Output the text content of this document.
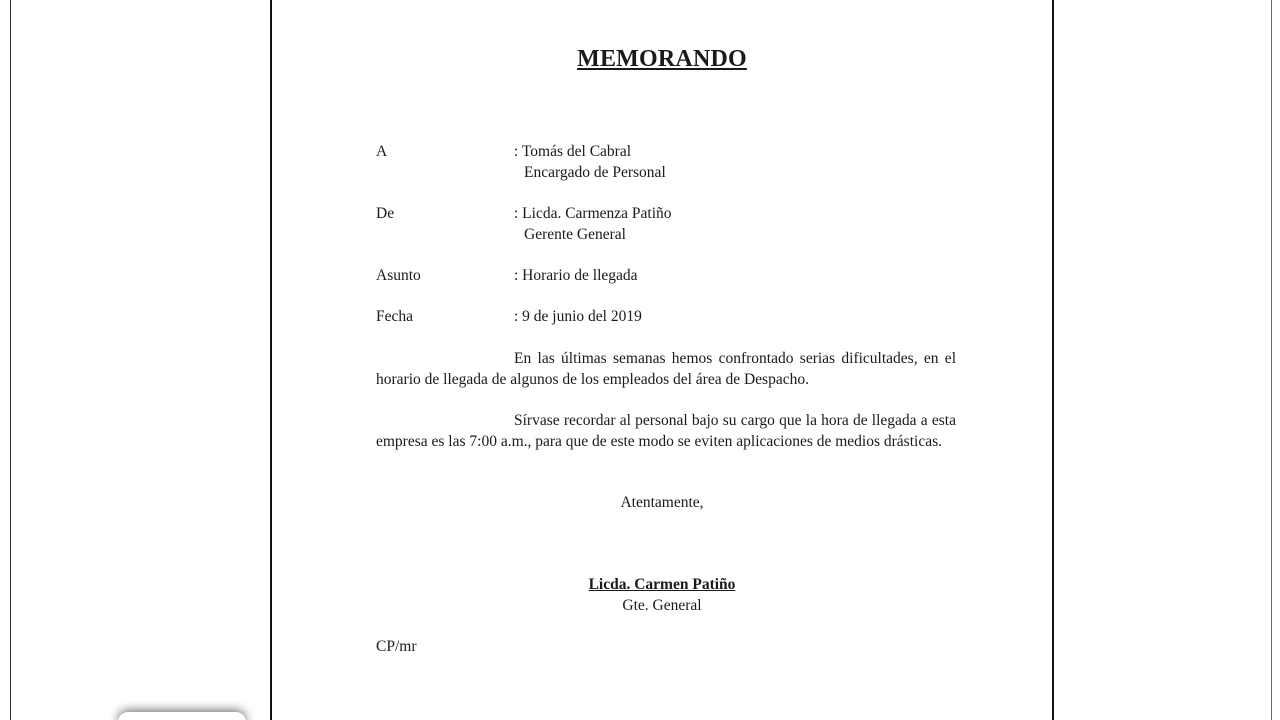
MEMORANDO
A	: Tomás del Cabral
Encargado de Personal
De	: Licda. Carmenza Patiño
Gerente General
Asunto	: Horario de llegada
Fecha	: 9 de junio del 2019
En las últimas semanas hemos confrontado serias dificultades, en el horario de llegada de algunos de los empleados del área de Despacho.
Sírvase recordar al personal bajo su cargo que la hora de llegada a esta empresa es las 7:00 a.m., para que de este modo se eviten aplicaciones de medios drásticas.
Atentamente,
Licda. Carmen Patiño
Gte. General
CP/mr
